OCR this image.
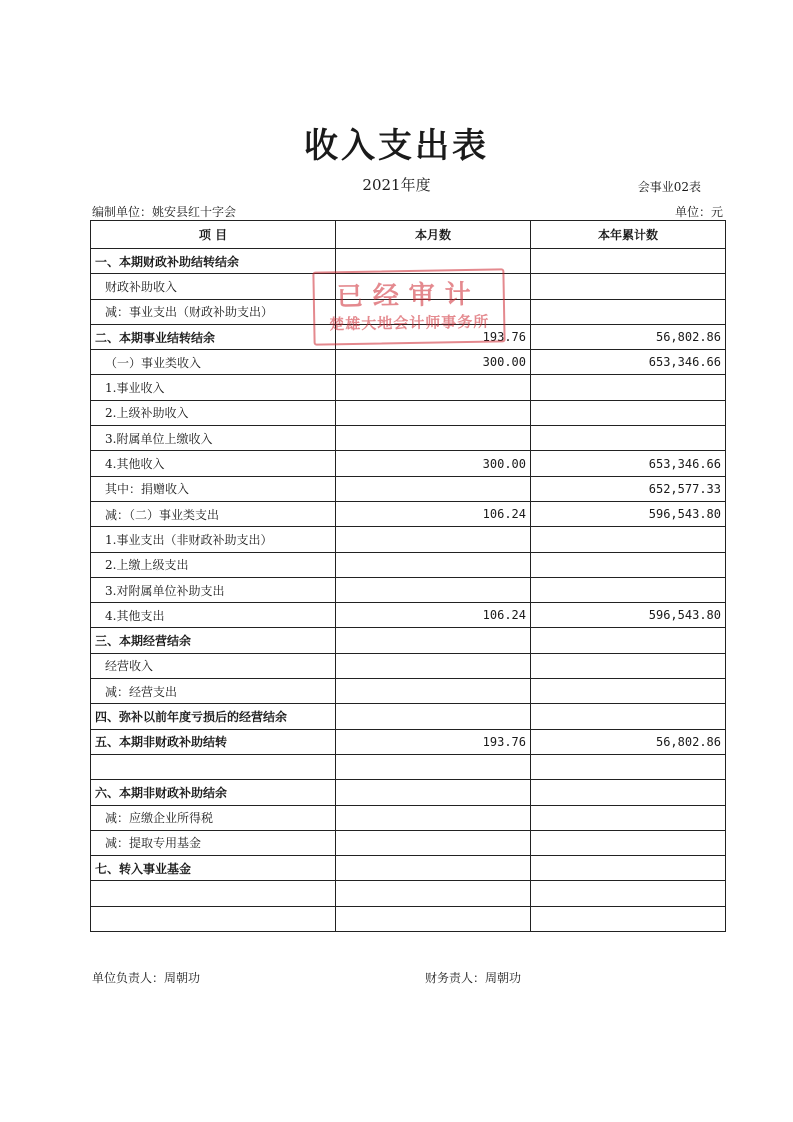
收入支出表
2021年度	会事业02表
编制单位：姚安县红十字会	单位：元
项 目	本月数	本年累计数
一、本期财政补助结转结余		
财政补助收入		
减：事业支出（财政补助支出）		
二、本期事业结转结余	193.76	56,802.86
（一）事业类收入	300.00	653,346.66
1.事业收入		
2.上级补助收入		
3.附属单位上缴收入		
4.其他收入	300.00	653,346.66
其中：捐赠收入		652,577.33
减：（二）事业类支出	106.24	596,543.80
1.事业支出（非财政补助支出）		
2.上缴上级支出		
3.对附属单位补助支出		
4.其他支出	106.24	596,543.80
三、本期经营结余		
经营收入		
减：经营支出		
四、弥补以前年度亏损后的经营结余		
五、本期非财政补助结转	193.76	56,802.86

六、本期非财政补助结余		
减：应缴企业所得税		
减：提取专用基金		
七、转入事业基金		

已经审计
楚雄大地会计师事务所
单位负责人：周朝功	财务责人：周朝功
